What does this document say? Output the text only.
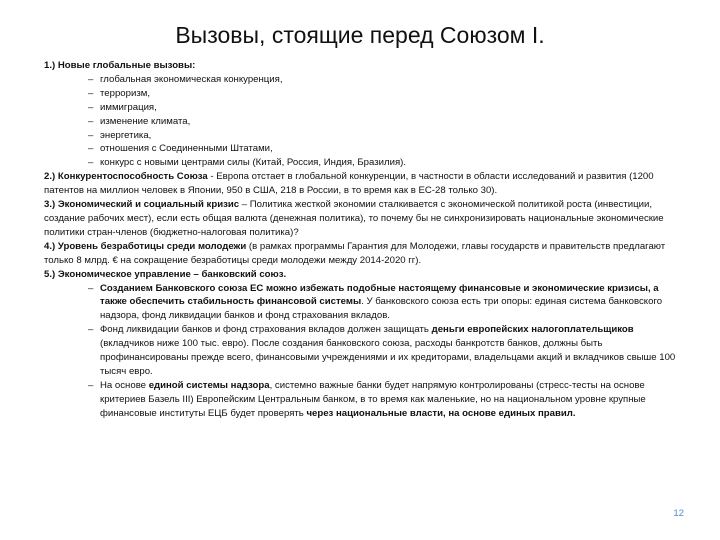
Вызовы, стоящие перед Союзом I.

1.) Новые глобальные вызовы:

– глобальная экономическая конкуренция,
– терроризм,
– иммиграция,
– изменение климата,
– энергетика,
– отношения с Соединенными Штатами,
– конкурс с новыми центрами силы (Китай, Россия, Индия, Бразилия).

2.) Конкурентоспособность Союза - Европа отстает в глобальной конкуренции, в частности в области исследований и развития (1200 патентов на миллион человек в Японии, 950 в США, 218 в России, в то время как в ЕС-28 только 30).

3.) Экономический и социальный кризис – Политика жесткой экономии сталкивается с экономической политикой роста (инвестиции, создание рабочих мест), если есть общая валюта (денежная политика), то почему бы не синхронизировать национальные экономические политики стран-членов (бюджетно-налоговая политика)?

4.) Уровень безработицы среди молодежи (в рамках программы Гарантия для Молодежи, главы государств и правительств предлагают только 8 млрд. € на сокращение безработицы среди молодежи между 2014-2020 гг).

5.) Экономическое управление – банковский союз.

– Созданием Банковского союза ЕС можно избежать подобные настоящему финансовые и экономические кризисы, а также обеспечить стабильность финансовой системы. У банковского союза есть три опоры: единая система банковского надзора, фонд ликвидации банков и фонд страхования вкладов.
– Фонд ликвидации банков и фонд страхования вкладов должен защищать деньги европейских налогоплательщиков (вкладчиков ниже 100 тыс. евро). После создания банковского союза, расходы банкротств банков, должны быть профинансированы прежде всего, финансовыми учреждениями и их кредиторами, владельцами акций и вкладчиков свыше 100 тысяч евро.
– На основе единой системы надзора, системно важные банки будет напрямую контролированы (стресс-тесты на основе критериев Базель III) Европейским Центральным банком, в то время как маленькие, но на национальном уровне крупные финансовые институты ЕЦБ будет проверять через национальные власти, на основе единых правил.
12
